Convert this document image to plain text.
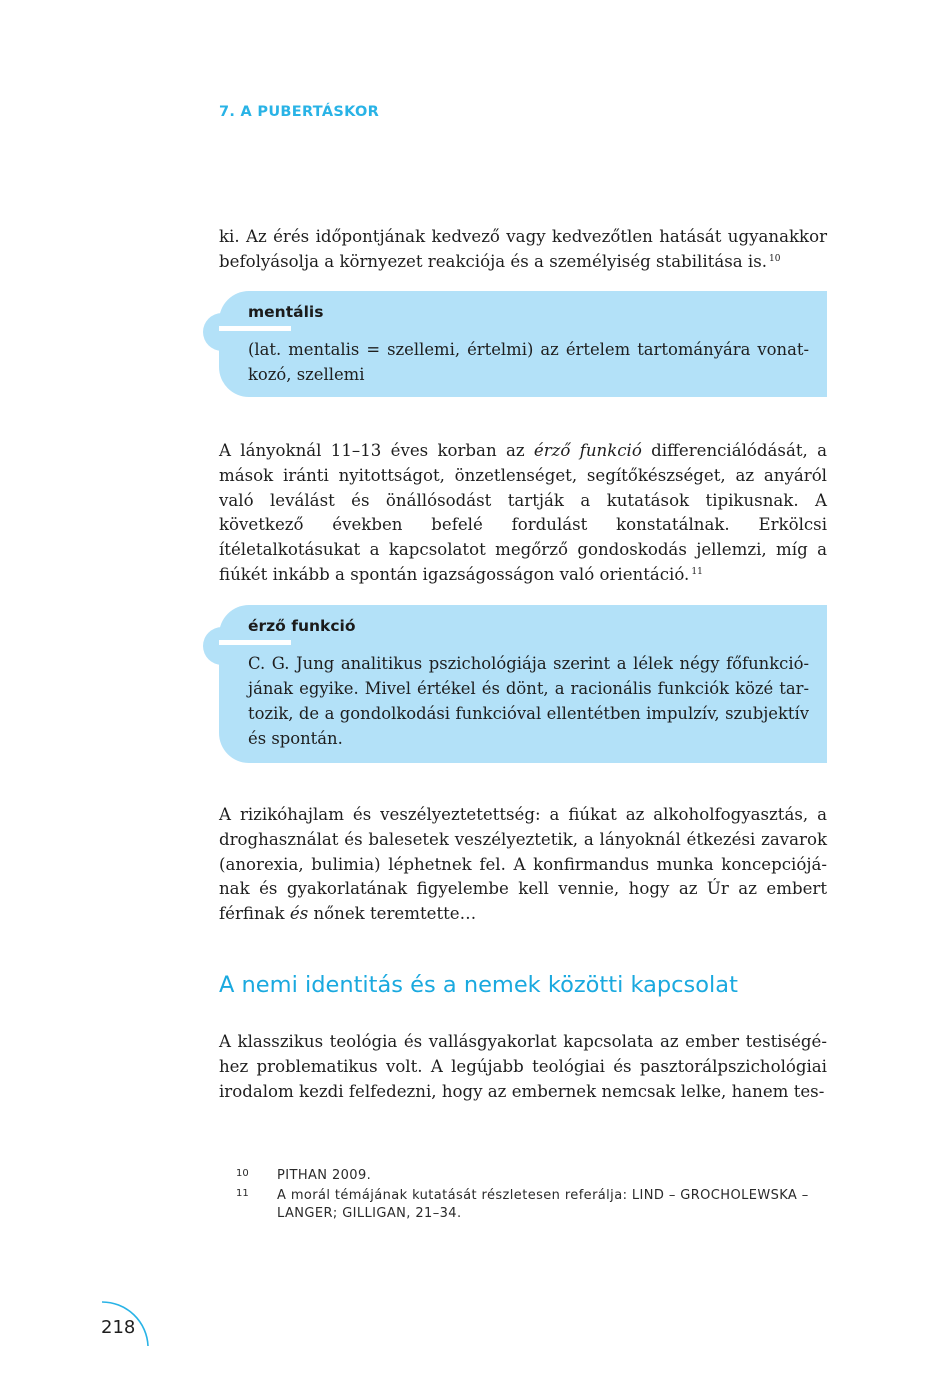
7. A PUBERTÁSKOR

ki. Az érés időpontjának kedvező vagy kedvezőtlen hatását ugyanakkor befolyásolja a környezet reakciója és a személyiség stabilitása is. $^{10}$

mentális

(lat. mentalis = szellemi, értelmi) az értelem tartományára vonatkozó, szellemi

A lányoknál 11–13 éves korban az érző funkció differenciálódását, a mások iránti nyitottságot, önzetlenséget, segítőkészséget, az anyáról való leválást és önállósodást tartják a kutatások tipikusnak. A következő években befelé fordulást konstatálnak. Erkölcsi ítéletalkotásukat a kapcsolatot megőrző gondoskodás jellemzi, míg a fiúkét inkább a spontán igazságosságon való orientáció. $^{11}$

érző funkció

C. G. Jung analitikus pszichológiája szerint a lélek négy főfunkciójának egyike. Mivel értékel és dönt, a racionális funkciók közé tartozik, de a gondolkodási funkcióval ellentétben impulzív, szubjektív és spontán.

A rizikóhajlam és veszélyeztetettség: a fiúkat az alkoholfogyasztás, a droghasználat és balesetek veszélyeztetik, a lányoknál étkezési zavarok (anorexia, bulimia) léphetnek fel. A konfirmandus munka koncepciójának és gyakorlatának figyelembe kell vennie, hogy az Úr az embert férfinak és nőnek teremtette…

A nemi identitás és a nemek közötti kapcsolat

A klasszikus teológia és vallásgyakorlat kapcsolata az ember testiségéhez problematikus volt. A legújabb teológiai és pasztorálpszichológiai irodalom kezdi felfedezni, hogy az embernek nemcsak lelke, hanem tes-

10 PITHAN 2009.
11 A morál témájának kutatását részletesen referálja: LIND – GROCHOLEWSKA – LANGER; GILLIGAN, 21–34.
218
